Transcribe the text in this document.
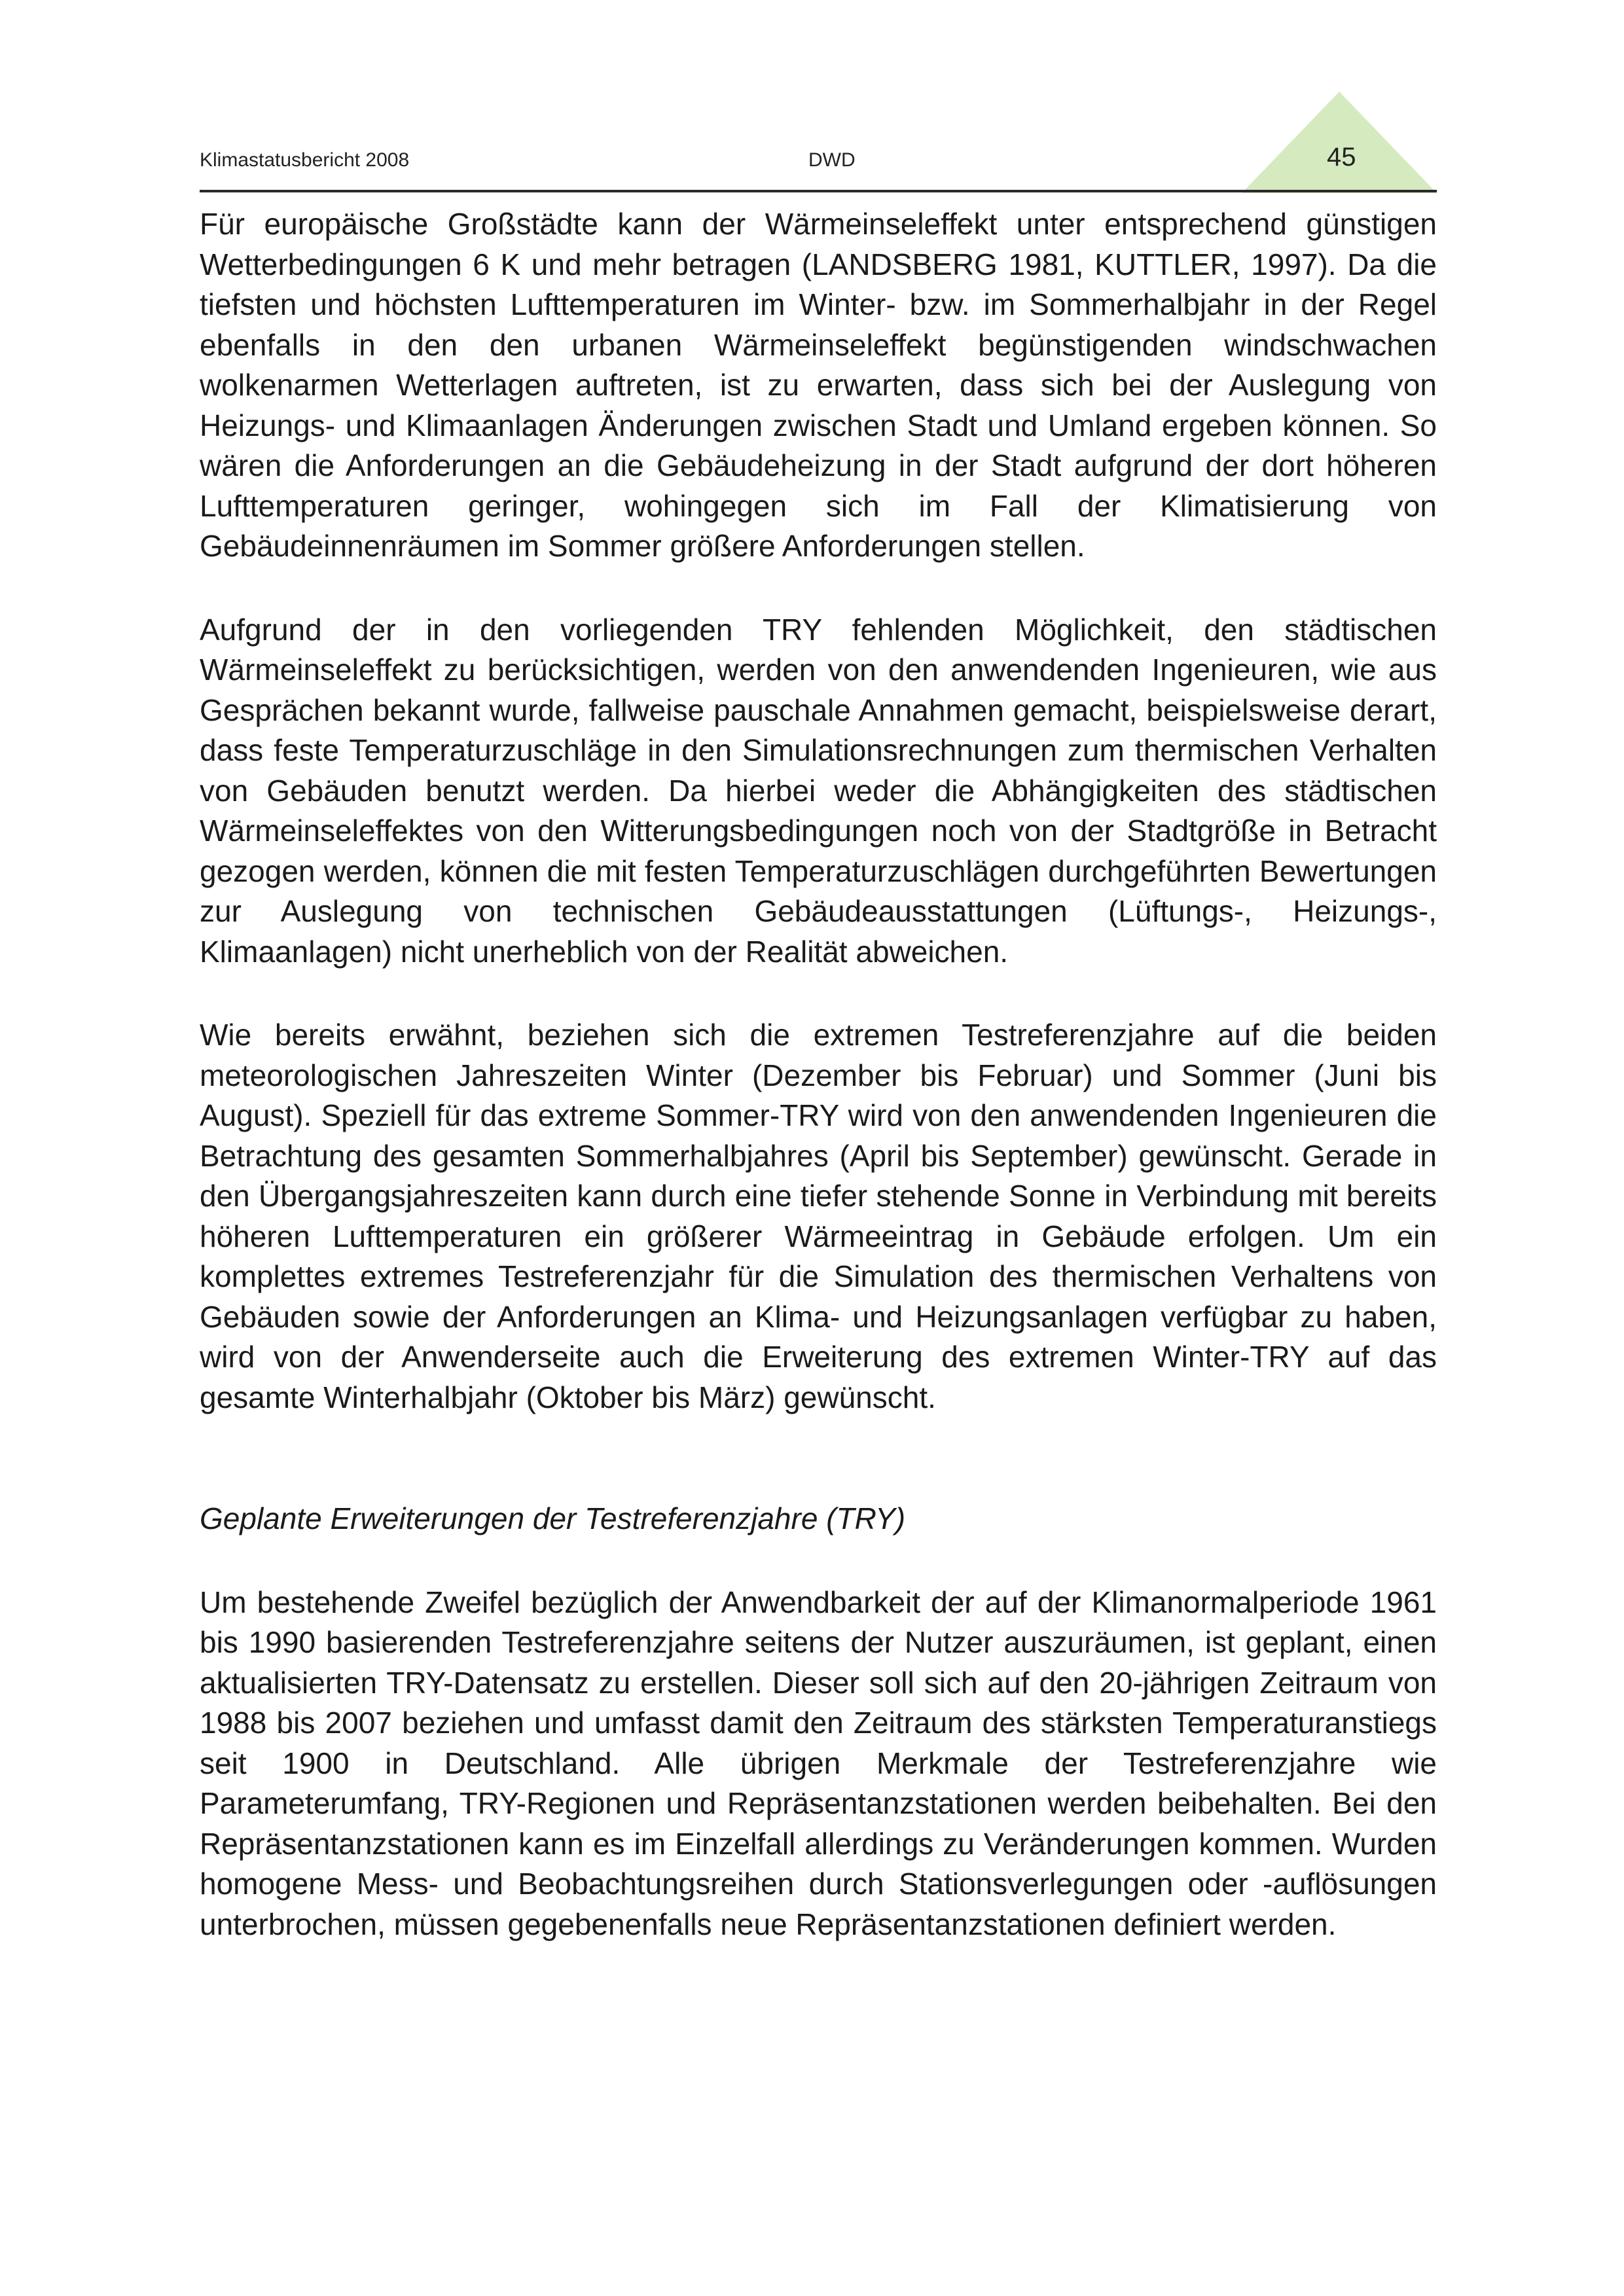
Klimastatusbericht 2008	DWD	45

Für europäische Großstädte kann der Wärmeinseleffekt unter entsprechend günstigen Wetterbedingungen 6 K und mehr betragen (LANDSBERG 1981, KUTTLER, 1997). Da die tiefsten und höchsten Lufttemperaturen im Winter- bzw. im Sommerhalbjahr in der Regel ebenfalls in den den urbanen Wärmeinseleffekt begünstigenden windschwachen wolkenarmen Wetterlagen auftreten, ist zu erwarten, dass sich bei der Auslegung von Heizungs- und Klimaanlagen Änderungen zwischen Stadt und Umland ergeben können. So wären die Anforderungen an die Gebäudeheizung in der Stadt aufgrund der dort höheren Lufttemperaturen geringer, wohingegen sich im Fall der Klimatisierung von Gebäudeinnenräumen im Sommer größere Anforderungen stellen.

Aufgrund der in den vorliegenden TRY fehlenden Möglichkeit, den städtischen Wärmeinseleffekt zu berücksichtigen, werden von den anwendenden Ingenieuren, wie aus Gesprächen bekannt wurde, fallweise pauschale Annahmen gemacht, beispielsweise derart, dass feste Temperaturzuschläge in den Simulationsrechnungen zum thermischen Verhalten von Gebäuden benutzt werden. Da hierbei weder die Abhängigkeiten des städtischen Wärmeinseleffektes von den Witterungsbedingungen noch von der Stadtgröße in Betracht gezogen werden, können die mit festen Temperaturzuschlägen durchgeführten Bewertungen zur Auslegung von technischen Gebäudeausstattungen (Lüftungs-, Heizungs-, Klimaanlagen) nicht unerheblich von der Realität abweichen.

Wie bereits erwähnt, beziehen sich die extremen Testreferenzjahre auf die beiden meteorologischen Jahreszeiten Winter (Dezember bis Februar) und Sommer (Juni bis August). Speziell für das extreme Sommer-TRY wird von den anwendenden Ingenieuren die Betrachtung des gesamten Sommerhalbjahres (April bis September) gewünscht. Gerade in den Übergangsjahreszeiten kann durch eine tiefer stehende Sonne in Verbindung mit bereits höheren Lufttemperaturen ein größerer Wärmeeintrag in Gebäude erfolgen. Um ein komplettes extremes Testreferenzjahr für die Simulation des thermischen Verhaltens von Gebäuden sowie der Anforderungen an Klima- und Heizungsanlagen verfügbar zu haben, wird von der Anwenderseite auch die Erweiterung des extremen Winter-TRY auf das gesamte Winterhalbjahr (Oktober bis März) gewünscht.

Geplante Erweiterungen der Testreferenzjahre (TRY)

Um bestehende Zweifel bezüglich der Anwendbarkeit der auf der Klimanormalperiode 1961 bis 1990 basierenden Testreferenzjahre seitens der Nutzer auszuräumen, ist geplant, einen aktualisierten TRY-Datensatz zu erstellen. Dieser soll sich auf den 20-jährigen Zeitraum von 1988 bis 2007 beziehen und umfasst damit den Zeitraum des stärksten Temperaturanstiegs seit 1900 in Deutschland. Alle übrigen Merkmale der Testreferenzjahre wie Parameterumfang, TRY-Regionen und Repräsentanzstationen werden beibehalten. Bei den Repräsentanzstationen kann es im Einzelfall allerdings zu Veränderungen kommen. Wurden homogene Mess- und Beobachtungsreihen durch Stationsverlegungen oder -auflösungen unterbrochen, müssen gegebenenfalls neue Repräsentanzstationen definiert werden.
